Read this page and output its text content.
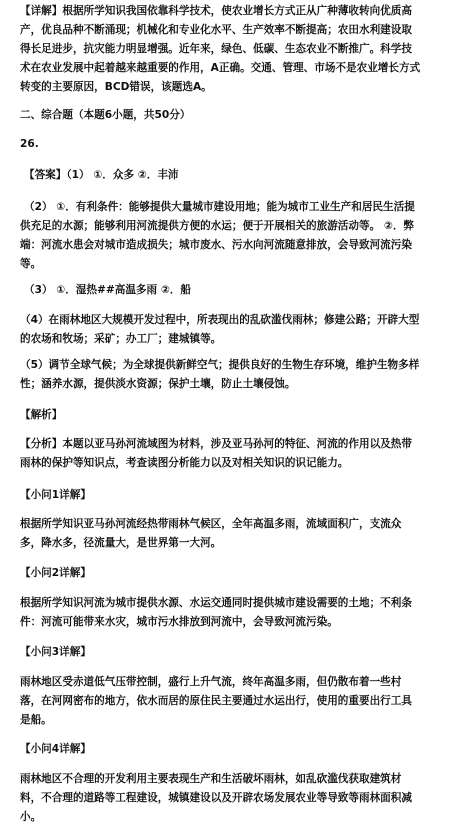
【详解】根据所学知识我国依靠科学技术，使农业增长方式正从广种薄收转向优质高
产，优良品种不断涌现；机械化和专业化水平、生产效率不断提高；农田水利建设取
得长足进步，抗灾能力明显增强。近年来，绿色、低碳、生态农业不断推广。科学技
术在农业发展中起着越来越重要的作用，A正确。交通、管理、市场不是农业增长方式
转变的主要原因，BCD错误，该题选A。
二、综合题（本题6小题，共50分）
26.
【答案】（1） ①．众多 ②．丰沛
（2） ①．有利条件：能够提供大量城市建设用地；能为城市工业生产和居民生活提
供充足的水源；能够利用河流提供方便的水运；便于开展相关的旅游活动等。 ②．弊
端：河流水患会对城市造成损失；城市废水、污水向河流随意排放，会导致河流污染
等。
（3） ①．湿热##高温多雨 ②．船
（4）在雨林地区大规模开发过程中，所表现出的乱砍滥伐雨林；修建公路；开辟大型
的农场和牧场；采矿；办工厂；建城镇等。
（5）调节全球气候；为全球提供新鲜空气；提供良好的生物生存环境，维护生物多样
性；涵养水源，提供淡水资源；保护土壤，防止土壤侵蚀。
【解析】
【分析】本题以亚马孙河流域图为材料，涉及亚马孙河的特征、河流的作用以及热带
雨林的保护等知识点，考查读图分析能力以及对相关知识的识记能力。
【小问1详解】
根据所学知识亚马孙河流经热带雨林气候区，全年高温多雨，流域面积广，支流众
多，降水多，径流量大，是世界第一大河。
【小问2详解】
根据所学知识河流为城市提供水源、水运交通同时提供城市建设需要的土地；不利条
件：河流可能带来水灾，城市污水排放到河流中，会导致河流污染。
【小问3详解】
雨林地区受赤道低气压带控制，盛行上升气流，终年高温多雨，但仍散布着一些村
落，在河网密布的地方，依水而居的原住民主要通过水运出行，使用的重要出行工具
是船。
【小问4详解】
雨林地区不合理的开发利用主要表现生产和生活破坏雨林，如乱砍滥伐获取建筑材
料，不合理的道路等工程建设，城镇建设以及开辟农场发展农业等导致等雨林面积减
小。
